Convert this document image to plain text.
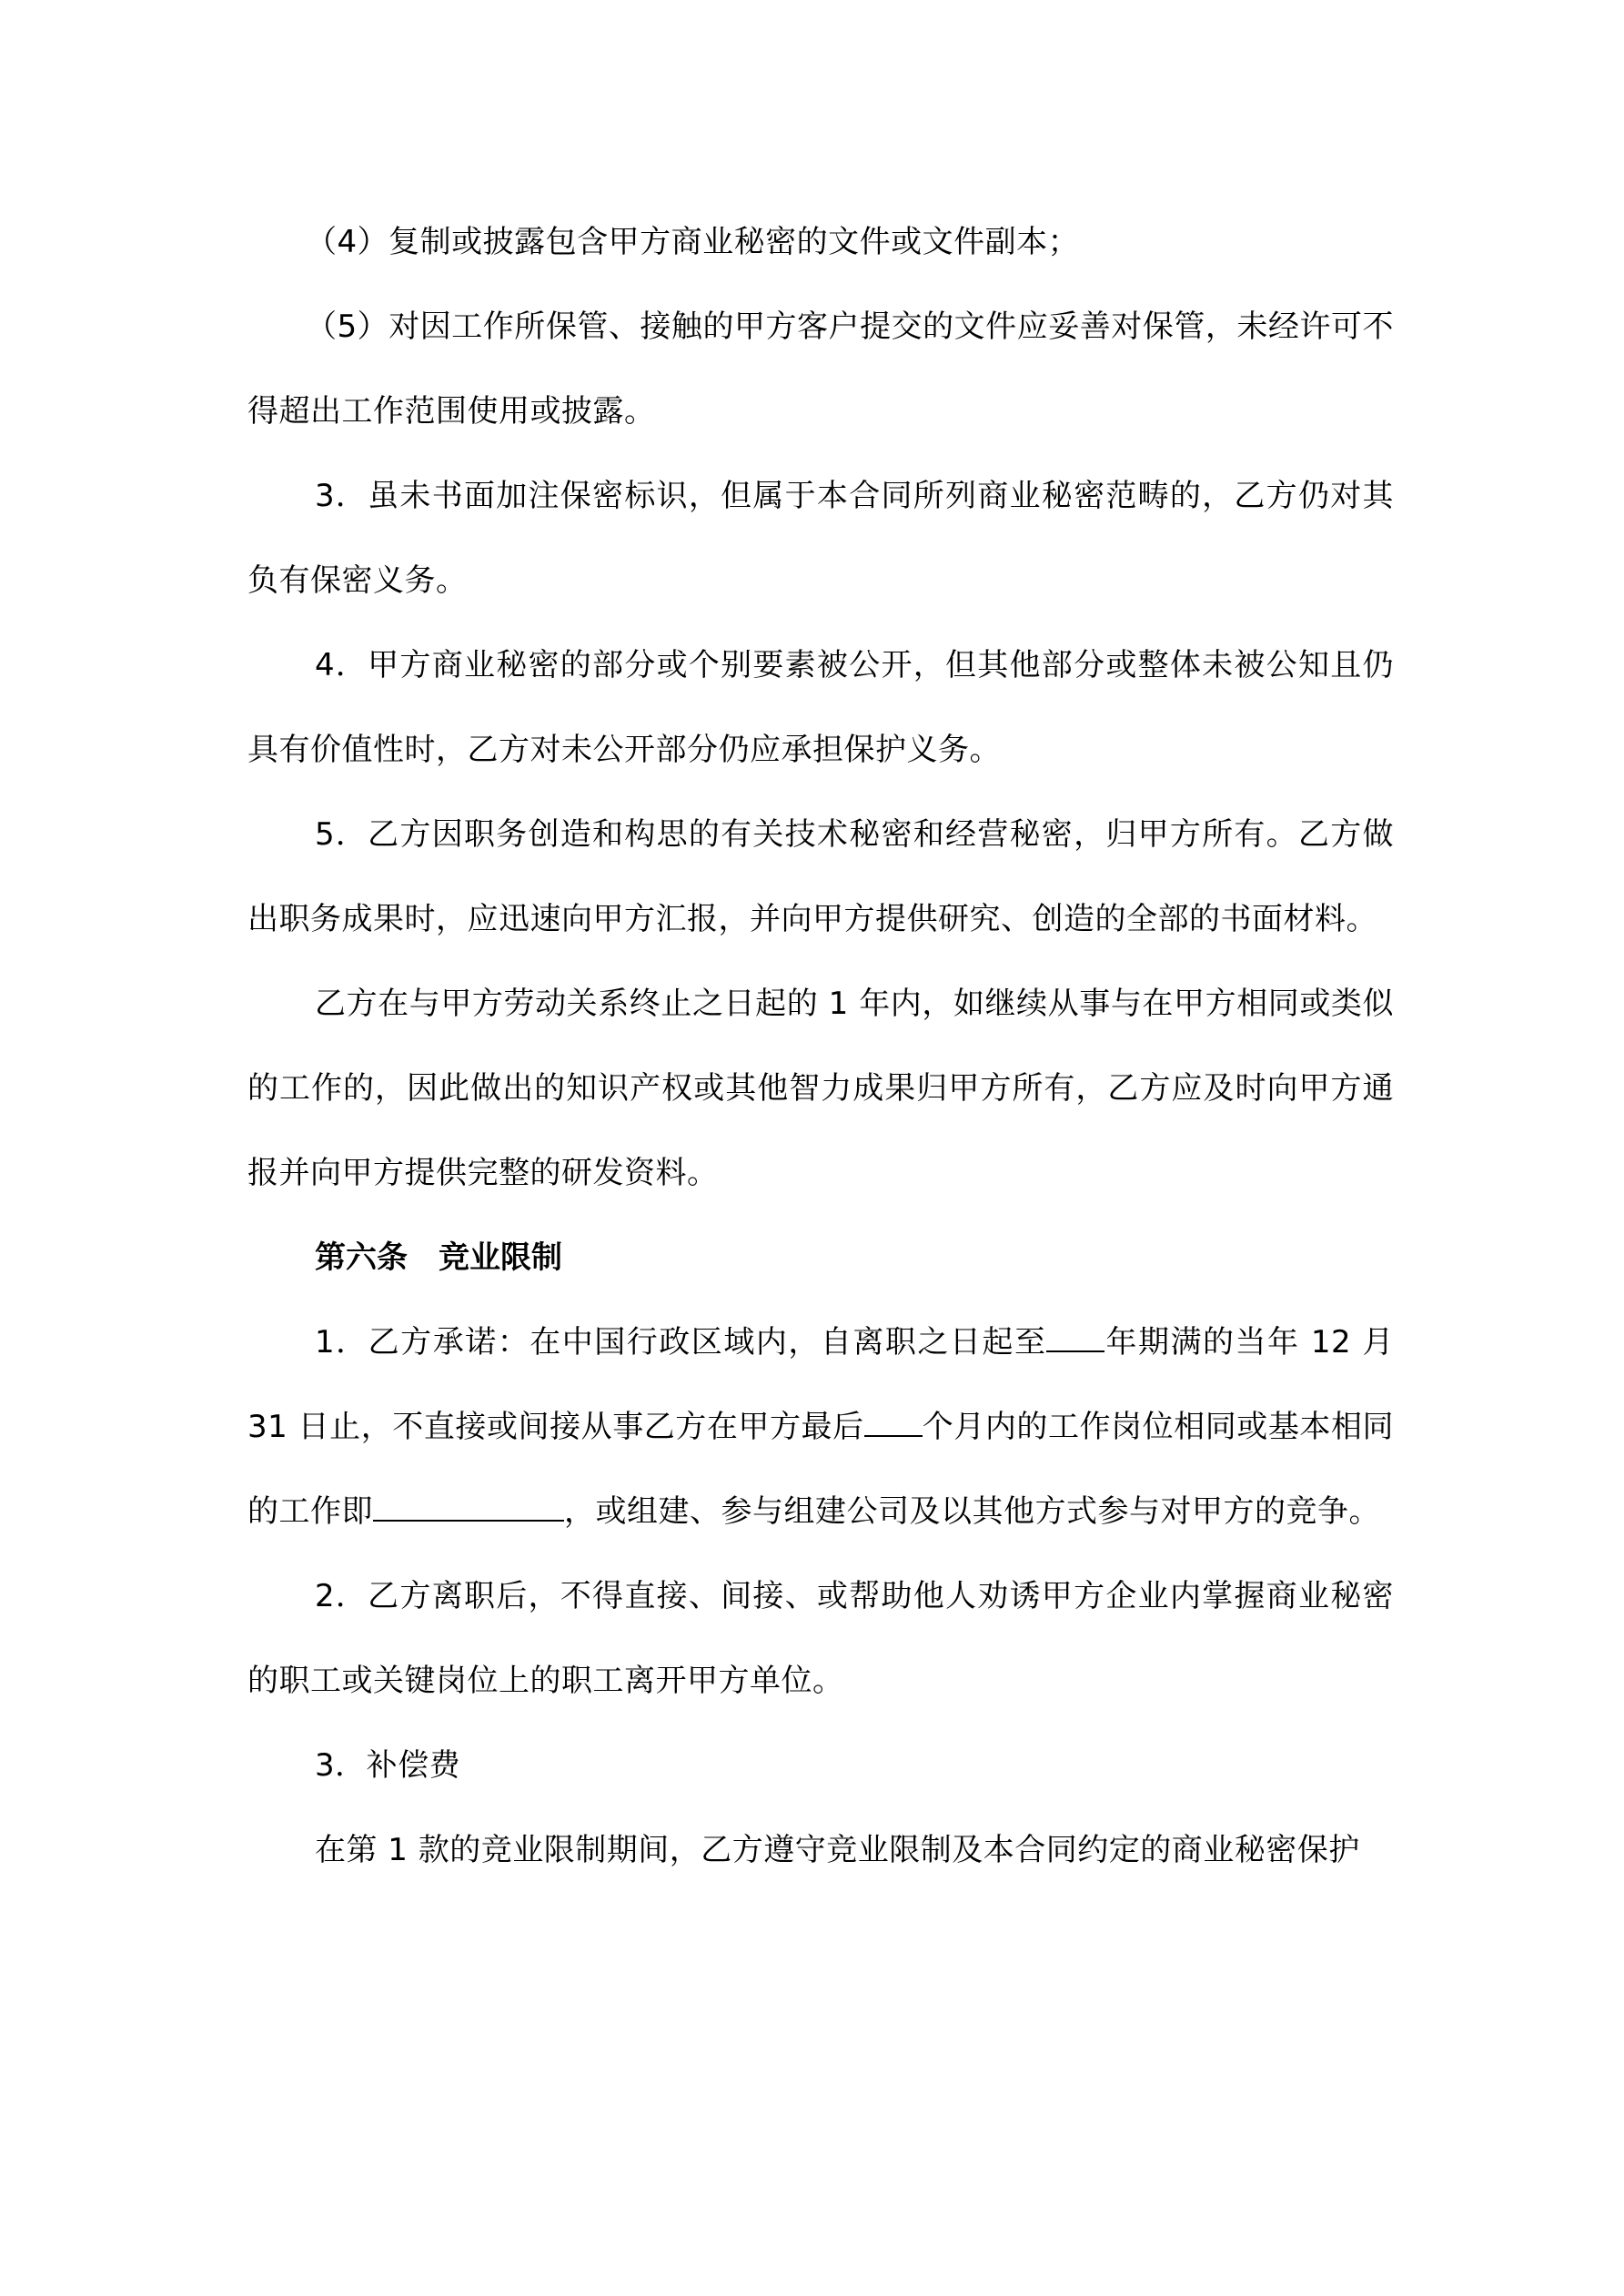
（4）复制或披露包含甲方商业秘密的文件或文件副本；

（5）对因工作所保管、接触的甲方客户提交的文件应妥善对保管，未经许可不得超出工作范围使用或披露。

3．虽未书面加注保密标识，但属于本合同所列商业秘密范畴的，乙方仍对其负有保密义务。

4．甲方商业秘密的部分或个别要素被公开，但其他部分或整体未被公知且仍具有价值性时，乙方对未公开部分仍应承担保护义务。

5．乙方因职务创造和构思的有关技术秘密和经营秘密，归甲方所有。乙方做出职务成果时，应迅速向甲方汇报，并向甲方提供研究、创造的全部的书面材料。

乙方在与甲方劳动关系终止之日起的 1 年内，如继续从事与在甲方相同或类似的工作的，因此做出的知识产权或其他智力成果归甲方所有，乙方应及时向甲方通报并向甲方提供完整的研发资料。

第六条　竞业限制

1．乙方承诺：在中国行政区域内，自离职之日起至 年期满的当年 12 月 31 日止，不直接或间接从事乙方在甲方最后 个月内的工作岗位相同或基本相同的工作即	，或组建、参与组建公司及以其他方式参与对甲方的竞争。

2．乙方离职后，不得直接、间接、或帮助他人劝诱甲方企业内掌握商业秘密的职工或关键岗位上的职工离开甲方单位。

3．补偿费

在第 1 款的竞业限制期间，乙方遵守竞业限制及本合同约定的商业秘密保护
